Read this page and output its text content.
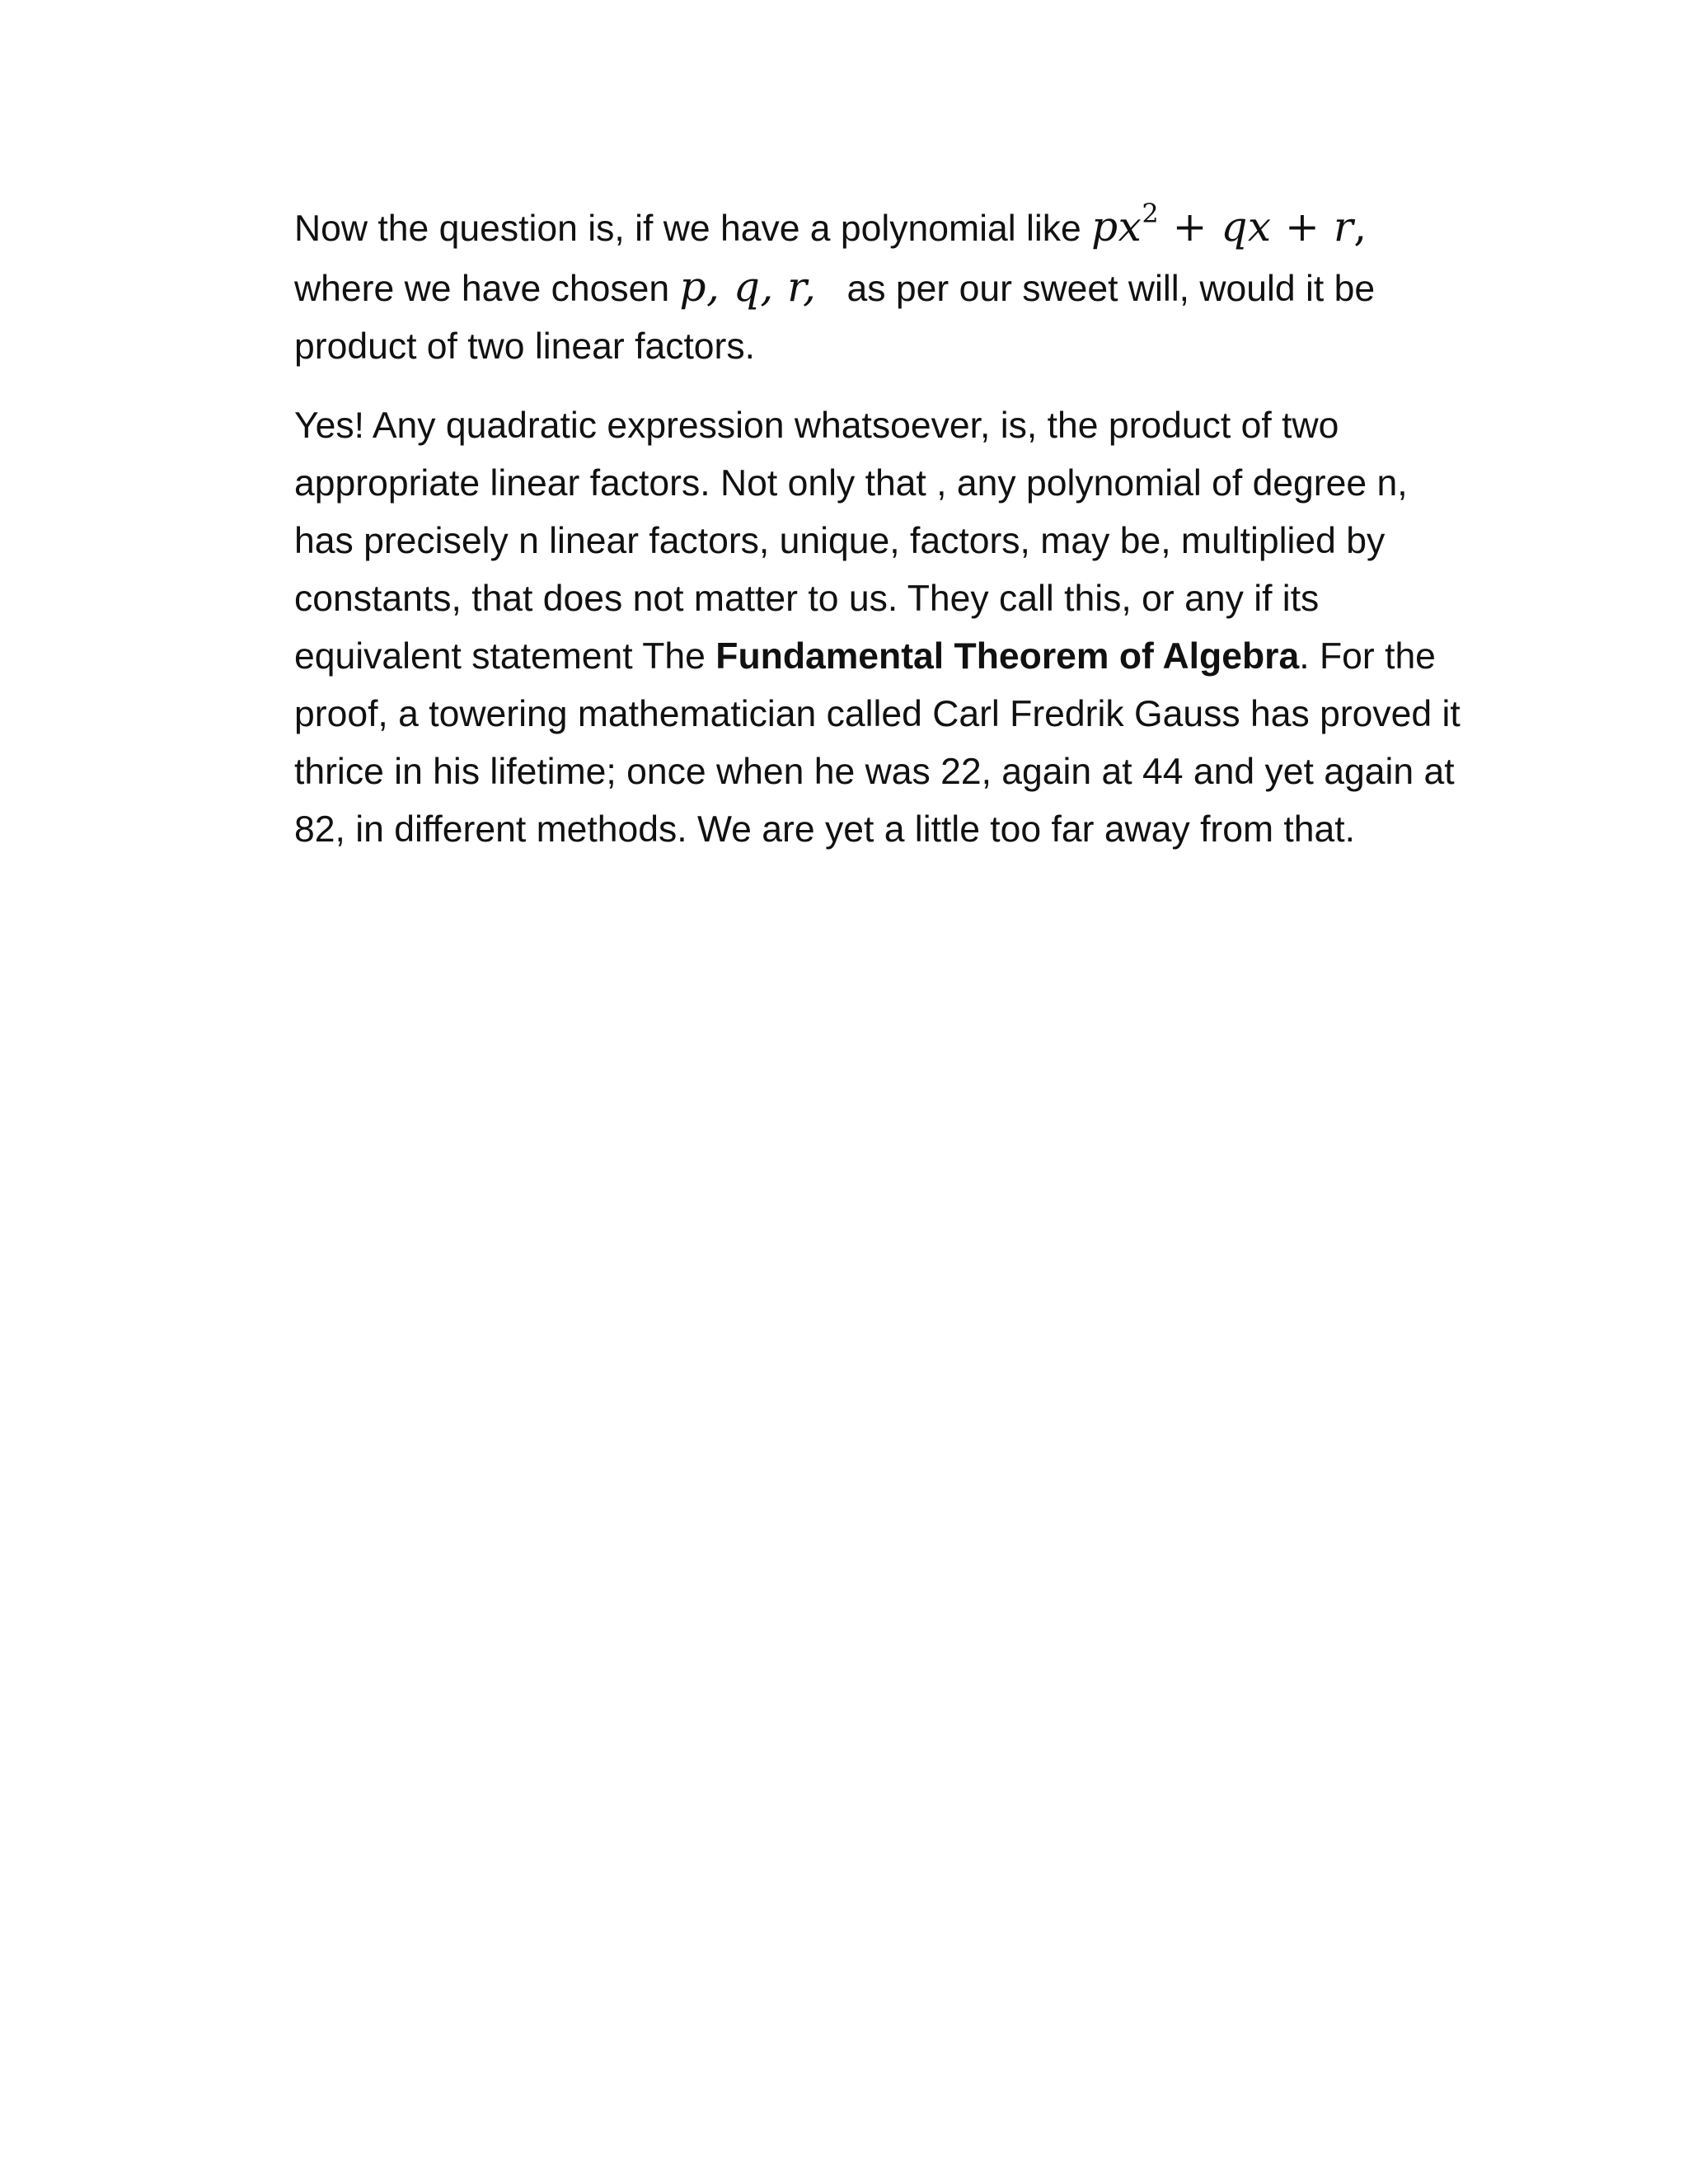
Now the question is, if we have a polynomial like $px^2$ + qx + r, where we have chosen p, q, r,   as per our sweet will, would it be product of two linear factors.

Yes! Any quadratic expression whatsoever, is, the product of two appropriate linear factors. Not only that , any polynomial of degree n, has precisely n linear factors, unique, factors, may be, multiplied by constants, that does not matter to us. They call this, or any if its equivalent statement The Fundamental Theorem of Algebra. For the proof, a towering mathematician called Carl Fredrik Gauss has proved it thrice in his lifetime; once when he was 22, again at 44 and yet again at 82, in different methods. We are yet a little too far away from that.
